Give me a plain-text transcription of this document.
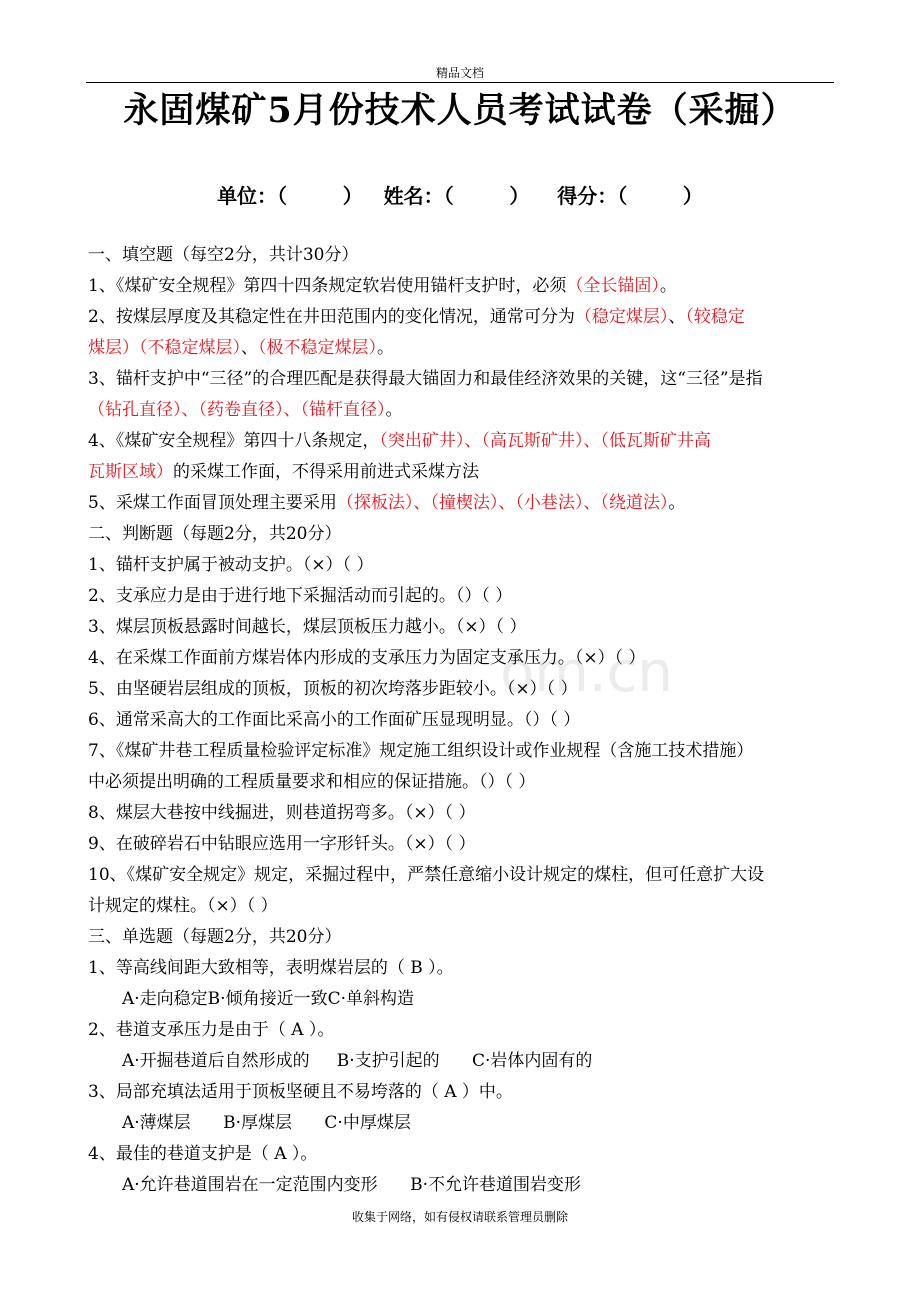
精品文档
om.cn
永固煤矿5月份技术人员考试试卷（采掘）
单位：（        ）   姓名：（        ）    得分：（        ）
一、填空题（每空2分，共计30分）
1、《煤矿安全规程》第四十四条规定软岩使用锚杆支护时，必须（全长锚固）。
2、按煤层厚度及其稳定性在井田范围内的变化情况，通常可分为（稳定煤层）、（较稳定
煤层）（不稳定煤层）、（极不稳定煤层）。
3、锚杆支护中“三径”的合理匹配是获得最大锚固力和最佳经济效果的关键，这“三径”是指
（钻孔直径）、（药卷直径）、（锚杆直径）。
4、《煤矿安全规程》第四十八条规定，（突出矿井）、（高瓦斯矿井）、（低瓦斯矿井高
瓦斯区域）的采煤工作面，不得采用前进式采煤方法
5、采煤工作面冒顶处理主要采用（探板法）、（撞楔法）、（小巷法）、（绕道法）。
二、判断题（每题2分，共20分）
1、锚杆支护属于被动支护。（×）（ ）
2、支承应力是由于进行地下采掘活动而引起的。（）（ ）
3、煤层顶板悬露时间越长，煤层顶板压力越小。（×）（ ）
4、在采煤工作面前方煤岩体内形成的支承压力为固定支承压力。（×）（ ）
5、由坚硬岩层组成的顶板，顶板的初次垮落步距较小。（×）（ ）
6、通常采高大的工作面比采高小的工作面矿压显现明显。（）（ ）
7、《煤矿井巷工程质量检验评定标准》规定施工组织设计或作业规程（含施工技术措施）
中必须提出明确的工程质量要求和相应的保证措施。（）（ ）
8、煤层大巷按中线掘进，则巷道拐弯多。（×）（ ）
9、在破碎岩石中钻眼应选用一字形钎头。（×）（ ）
10、《煤矿安全规定》规定，采掘过程中，严禁任意缩小设计规定的煤柱，但可任意扩大设
计规定的煤柱。（×）（ ）
三、单选题（每题2分，共20分）
1、等高线间距大致相等，表明煤岩层的（ B ）。
A·走向稳定B·倾角接近一致C·单斜构造
2、巷道支承压力是由于（ A ）。
A·开掘巷道后自然形成的     B·支护引起的      C·岩体内固有的
3、局部充填法适用于顶板坚硬且不易垮落的（ A ）中。
A·薄煤层      B·厚煤层      C·中厚煤层
4、最佳的巷道支护是（ A ）。
A·允许巷道围岩在一定范围内变形      B·不允许巷道围岩变形
收集于网络，如有侵权请联系管理员删除
